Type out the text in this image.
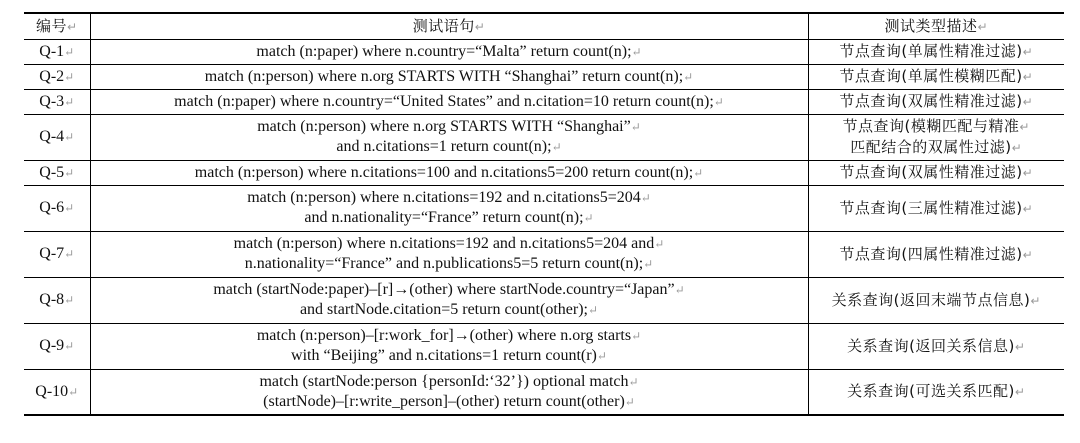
编号↵	测试语句↵	测试类型描述↵
Q-1↵	match (n:paper) where n.country=“Malta” return count(n);↵	节点查询(单属性精准过滤)↵

Q-2↵	match (n:person) where n.org STARTS WITH “Shanghai” return count(n);↵	节点查询(单属性模糊匹配)↵

Q-3↵	match (n:paper) where n.country=“United States” and n.citation=10 return count(n);↵	节点查询(双属性精准过滤)↵

Q-4↵	match (n:person) where n.org STARTS WITH “Shanghai”↵
and n.citations=1 return count(n);↵	节点查询(模糊匹配与精准↵
匹配结合的双属性过滤)↵

Q-5↵	match (n:person) where n.citations=100 and n.citations5=200 return count(n);↵	节点查询(双属性精准过滤)↵

Q-6↵	match (n:person) where n.citations=192 and n.citations5=204↵
and n.nationality=“France” return count(n);↵	节点查询(三属性精准过滤)↵

Q-7↵	match (n:person) where n.citations=192 and n.citations5=204 and↵
n.nationality=“France” and n.publications5=5 return count(n);↵	节点查询(四属性精准过滤)↵

Q-8↵	match (startNode:paper)–[r]→(other) where startNode.country=“Japan”↵
and startNode.citation=5 return count(other);↵	关系查询(返回末端节点信息)↵

Q-9↵	match (n:person)–[r:work_for]→(other) where n.org starts↵
with “Beijing” and n.citations=1 return count(r)↵	关系查询(返回关系信息)↵

Q-10↵	match (startNode:person {personId:‘32’}) optional match↵
(startNode)–[r:write_person]–(other) return count(other)↵	关系查询(可选关系匹配)↵
